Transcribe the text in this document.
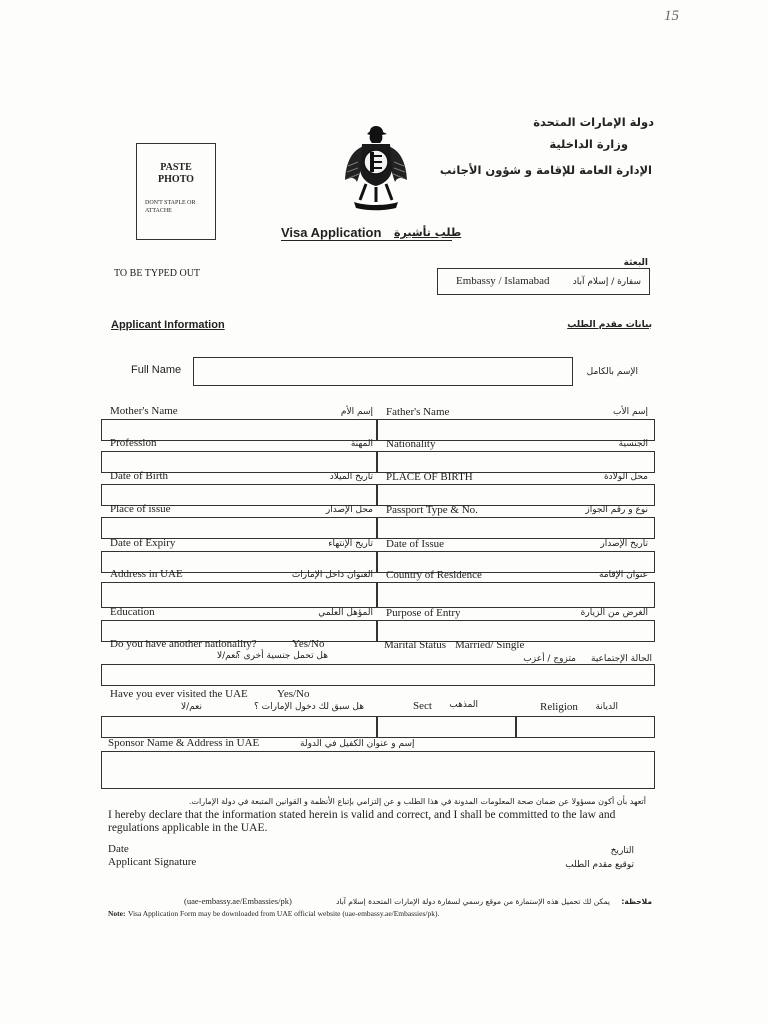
15
دولة الإمارات المتحدة
وزارة الداخلية
الإدارة العامة للإقامة و شؤون الأجانب
PASTE
PHOTO
DON'T STAPLE OR
ATTACHE
Visa Application طلب تأشيرة
TO BE TYPED OUT
البعثة
Embassy / Islamabad	سفارة / إسلام آباد
Applicant Information	بيانات مقدم الطلب
Full Name	الإسم بالكامل
Mother's Name	إسم الأم Father's Name	إسم الأب
Profession	المهنة Nationality	الجنسية
Date of Birth	تاريخ الميلاد PLACE OF BIRTH	محل الولادة
Place of issue	محل الإصدار Passport Type & No.	نوع و رقم الجواز
Date of Expiry	تاريخ الإنتهاء Date of Issue	تاريخ الإصدار
Address in UAE	العنوان داخل الإمارات Country of Residence	عنوان الإقامة
Education	المؤهل العلمي Purpose of Entry	الغرض من الزيارة
Do you have another nationality?	Yes/No
هل تحمل جنسية أخرى ؟
نعم/لا
Marital Status Married/ Single
الحالة الإجتماعية
متزوج / أعزب
Have you ever visited the UAE	Yes/No
هل سبق لك دخول الإمارات ؟
نعم/لا	Sect المذهب	Religion الديانة
Sponsor Name & Address in UAE	إسم و عنوان الكفيل في الدولة
أتعهد بأن أكون مسؤولا عن ضمان صحة المعلومات المدونة في هذا الطلب و عن إلتزامي بإتباع الأنظمة و القوانين المتبعة في دولة الإمارات.
I hereby declare that the information stated herein is valid and correct, and I shall be committed to the law and
regulations applicable in the UAE.
Date
Applicant Signature
التاريخ
توقيع مقدم الطلب
(uae-embassy.ae/Embassies/pk)	يمكن لك تحميل هذه الإستمارة من موقع رسمي لسفارة دولة الإمارات المتحدة إسلام آباد ملاحظة:
Note: Visa Application Form may be downloaded from UAE official website (uae-embassy.ae/Embassies/pk).
